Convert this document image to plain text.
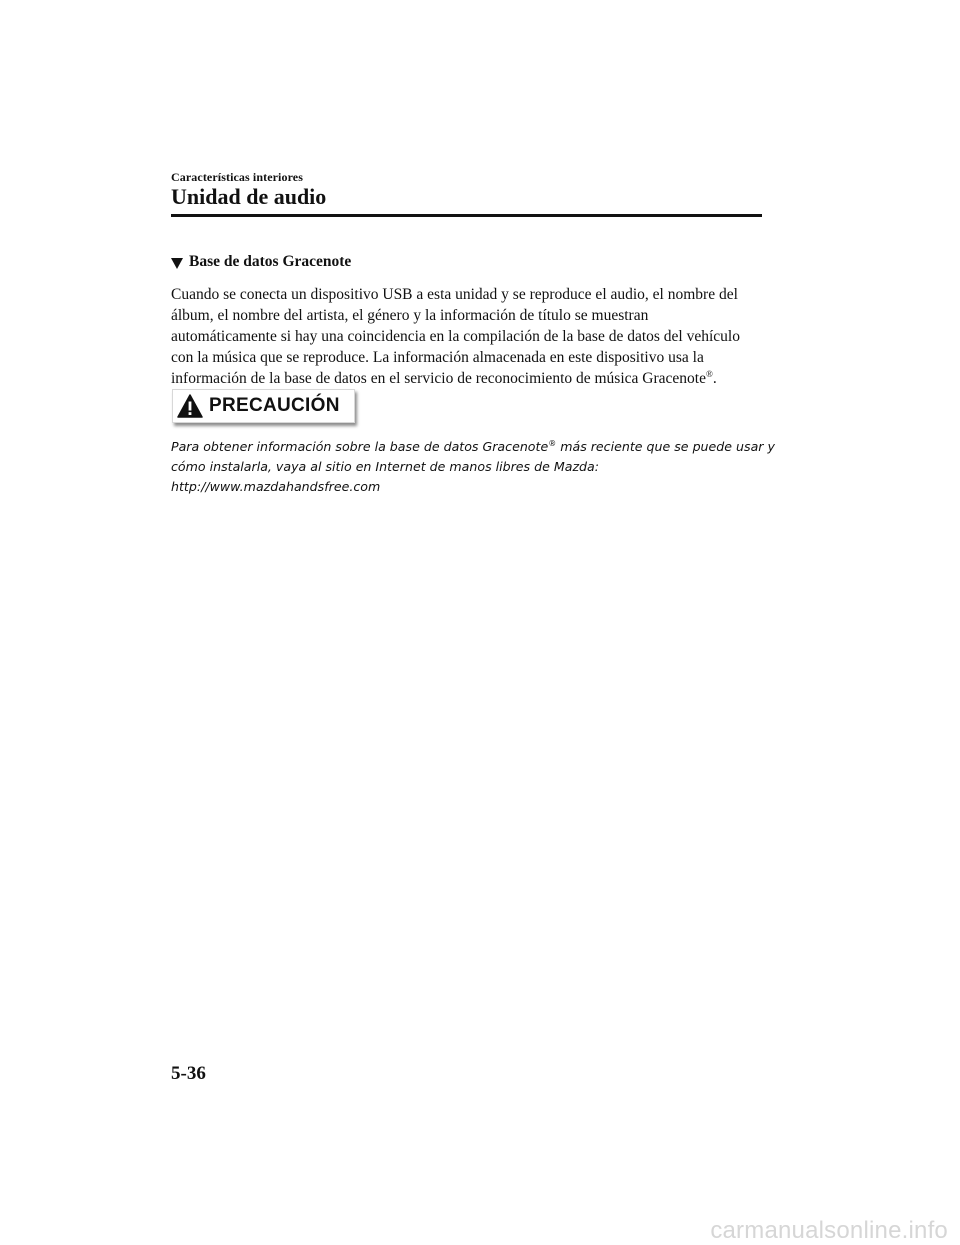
Características interiores
Unidad de audio
Base de datos Gracenote

Cuando se conecta un dispositivo USB a esta unidad y se reproduce el audio, el nombre del

álbum, el nombre del artista, el género y la información de título se muestran

automáticamente si hay una coincidencia en la compilación de la base de datos del vehículo

con la música que se reproduce. La información almacenada en este dispositivo usa la

información de la base de datos en el servicio de reconocimiento de música Gracenote®.

PRECAUCIÓN

Para obtener información sobre la base de datos Gracenote® más reciente que se puede usar y

cómo instalarla, vaya al sitio en Internet de manos libres de Mazda:

http://www.mazdahandsfree.com

5-36
carmanualsonline.info
